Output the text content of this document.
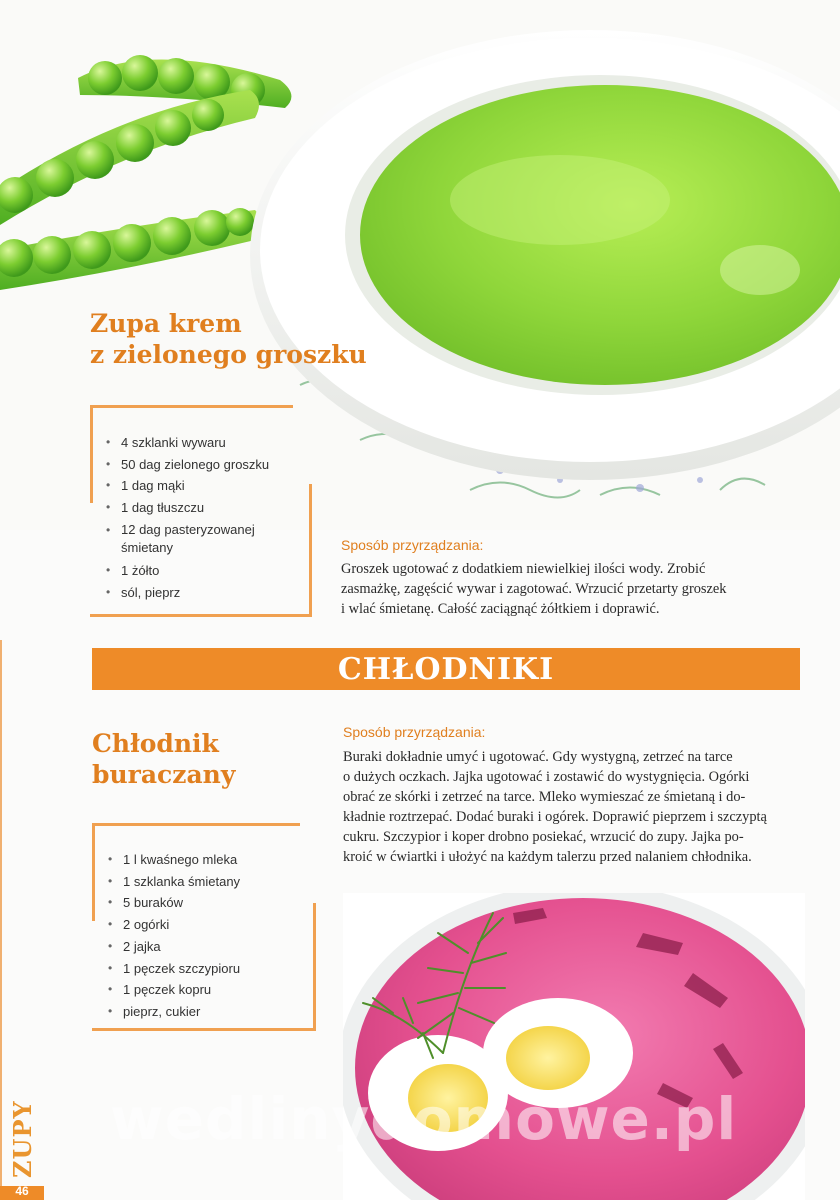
Zupa krem

z zielonego groszku

• 4 szklanki wywaru
• 50 dag zielonego groszku
• 1 dag mąki
• 1 dag tłuszczu
• 12 dag pasteryzowanej
śmietany
• 1 żółto
• sól, pieprz

Sposób przyrządzania:

Groszek ugotować z dodatkiem niewielkiej ilości wody. Zrobić

zasmażkę, zagęścić wywar i zagotować. Wrzucić przetarty groszek

i wlać śmietanę. Całość zaciągnąć żółtkiem i doprawić.

CHŁODNIKI

Chłodnik

buraczany

• 1 l kwaśnego mleka
• 1 szklanka śmietany
• 5 buraków
• 2 ogórki
• 2 jajka
• 1 pęczek szczypioru
• 1 pęczek kopru
• pieprz, cukier

Sposób przyrządzania:

Buraki dokładnie umyć i ugotować. Gdy wystygną, zetrzeć na tarce

o dużych oczkach. Jajka ugotować i zostawić do wystygnięcia. Ogórki

obrać ze skórki i zetrzeć na tarce. Mleko wymieszać ze śmietaną i do-

kładnie roztrzepać. Dodać buraki i ogórek. Doprawić pieprzem i szczyptą

cukru. Szczypior i koper drobno posiekać, wrzucić do zupy. Jajka po-

kroić w ćwiartki i ułożyć na każdym talerzu przed nalaniem chłodnika.

wedlinydomowe.pl
ZUPY
46
